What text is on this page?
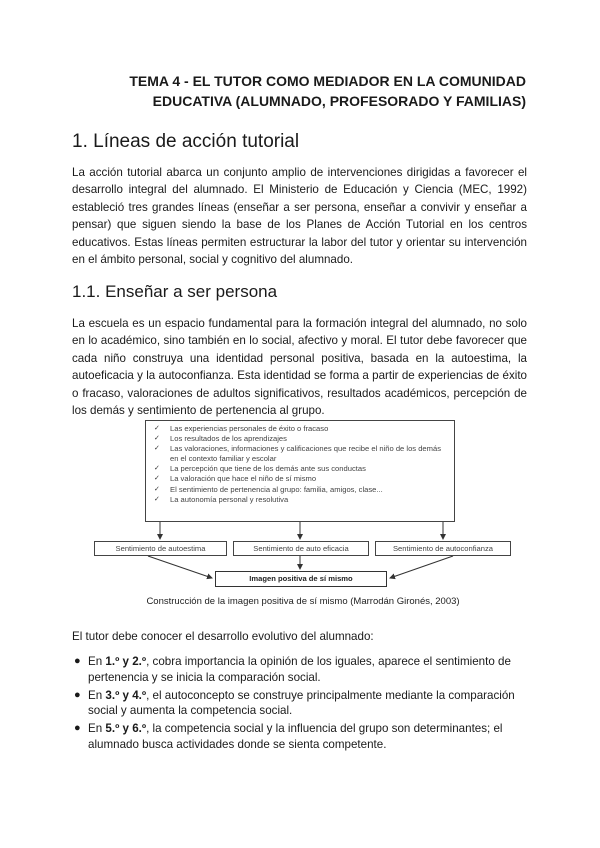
TEMA 4 - EL TUTOR COMO MEDIADOR EN LA COMUNIDAD
EDUCATIVA (ALUMNADO, PROFESORADO Y FAMILIAS)
1. Líneas de acción tutorial

La acción tutorial abarca un conjunto amplio de intervenciones dirigidas a favorecer el desarrollo integral del alumnado. El Ministerio de Educación y Ciencia (MEC, 1992) estableció tres grandes líneas (enseñar a ser persona, enseñar a convivir y enseñar a pensar) que siguen siendo la base de los Planes de Acción Tutorial en los centros educativos. Estas líneas permiten estructurar la labor del tutor y orientar su intervención en el ámbito personal, social y cognitivo del alumnado.

1.1. Enseñar a ser persona

La escuela es un espacio fundamental para la formación integral del alumnado, no solo en lo académico, sino también en lo social, afectivo y moral. El tutor debe favorecer que cada niño construya una identidad personal positiva, basada en la autoestima, la autoeficacia y la autoconfianza. Esta identidad se forma a partir de experiencias de éxito o fracaso, valoraciones de adultos significativos, resultados académicos, percepción de los demás y sentimiento de pertenencia al grupo.

✓ Las experiencias personales de éxito o fracaso
✓ Los resultados de los aprendizajes
✓ Las valoraciones, informaciones y calificaciones que recibe el niño de los demás en el contexto familiar y escolar
✓ La percepción que tiene de los demás ante sus conductas
✓ La valoración que hace el niño de sí mismo
✓ El sentimiento de pertenencia al grupo: familia, amigos, clase...
✓ La autonomía personal y resolutiva
Sentimiento de autoestima	Sentimiento de auto eficacia	Sentimiento de autoconfianza
Imagen positiva de sí mismo
Construcción de la imagen positiva de sí mismo (Marrodán Gironés, 2003)

El tutor debe conocer el desarrollo evolutivo del alumnado:

● En 1.º y 2.º, cobra importancia la opinión de los iguales, aparece el sentimiento de pertenencia y se inicia la comparación social.
● En 3.º y 4.º, el autoconcepto se construye principalmente mediante la comparación social y aumenta la competencia social.
● En 5.º y 6.º, la competencia social y la influencia del grupo son determinantes; el alumnado busca actividades donde se sienta competente.
